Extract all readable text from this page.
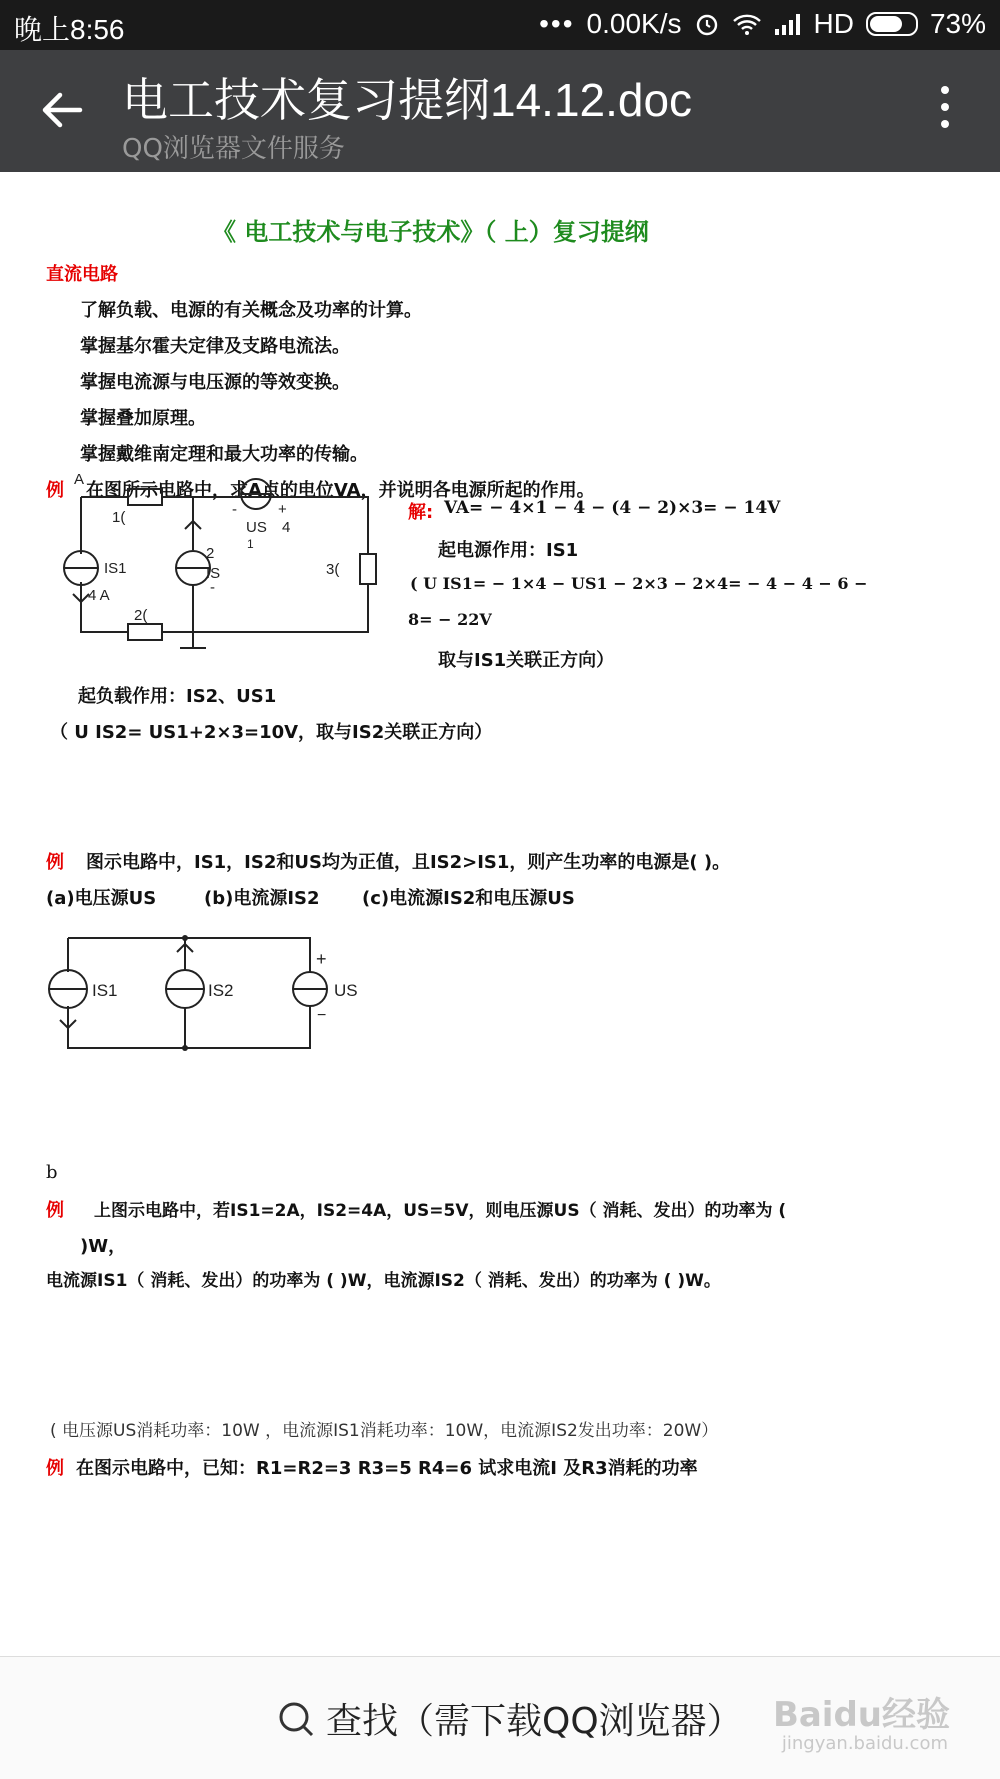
晚上8:56	••• 0.00K/s	HD	73%
电工技术复习提纲14.12.doc
QQ浏览器文件服务
《 电工技术与电子技术》（ 上）复习提纲
直流电路
了解负载、电源的有关概念及功率的计算。
掌握基尔霍夫定律及支路电流法。
掌握电流源与电压源的等效变换。
掌握叠加原理。
掌握戴维南定理和最大功率的传输。
例 在图所示电路中，求A点的电位VA，并说明各电源所起的作用。
A
1(
US 4
1
+
-
IS1
4 A
2
IS
-
3(
2(
解: VA= − 4×1 − 4 − (4 − 2)×3= − 14V
起电源作用：IS1
( U IS1= − 1×4 − US1 − 2×3 − 2×4= − 4 − 4 − 6 −
8= − 22V
取与IS1关联正方向）
起负载作用：IS2、US1
（ U IS2= US1+2×3=10V，取与IS2关联正方向）
例 图示电路中，IS1，IS2和US均为正值，且IS2>IS1，则产生功率的电源是( )。
(a)电压源US	(b)电流源IS2 (c)电流源IS2和电压源US
IS1	IS2	US
+
−
b
例 上图示电路中，若IS1=2A，IS2=4A，US=5V，则电压源US（ 消耗、发出）的功率为 (
)W，
电流源IS1（ 消耗、发出）的功率为 ( )W，电流源IS2（ 消耗、发出）的功率为 ( )W。
( 电压源US消耗功率：10W ，电流源IS1消耗功率：10W，电流源IS2发出功率：20W）
例 在图示电路中，已知：R1=R2=3 R3=5 R4=6 试求电流I 及R3消耗的功率
查找（需下载QQ浏览器） Baidu经验
jingyan.baidu.com
